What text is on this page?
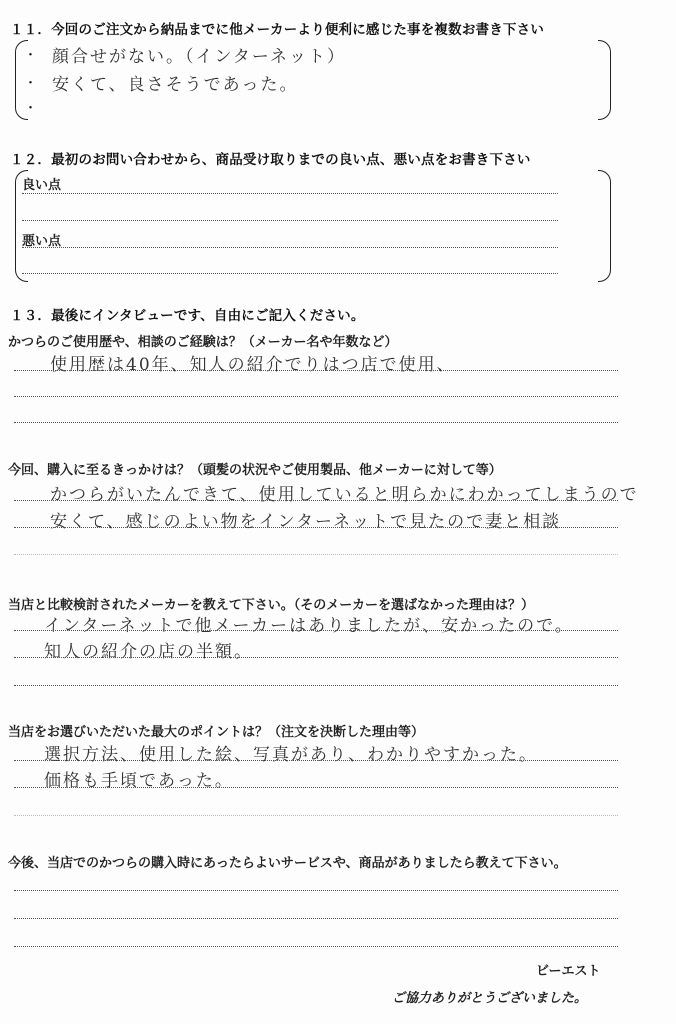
１１．今回のご注文から納品までに他メーカーより便利に感じた事を複数お書き下さい
・
・
・
顔合せがない。（インターネット）
安くて、良さそうであった。
１２．最初のお問い合わせから、商品受け取りまでの良い点、悪い点をお書き下さい
良い点
悪い点
１３．最後にインタビューです、自由にご記入ください。
かつらのご使用歴や、相談のご経験は？（メーカー名や年数など）
使用歴は40年、知人の紹介でりはつ店で使用、
今回、購入に至るきっかけは？（頭髪の状況やご使用製品、他メーカーに対して等）
かつらがいたんできて、使用していると明らかにわかってしまうので
安くて、感じのよい物をインターネットで見たので妻と相談
当店と比較検討されたメーカーを教えて下さい。（そのメーカーを選ばなかった理由は？）
インターネットで他メーカーはありましたが、安かったので。
知人の紹介の店の半額。
当店をお選びいただいた最大のポイントは？（注文を決断した理由等）
選択方法、使用した絵、写真があり、わかりやすかった。
価格も手頃であった。
今後、当店でのかつらの購入時にあったらよいサービスや、商品がありましたら教えて下さい。
ビーエスト
ご協力ありがとうございました。
